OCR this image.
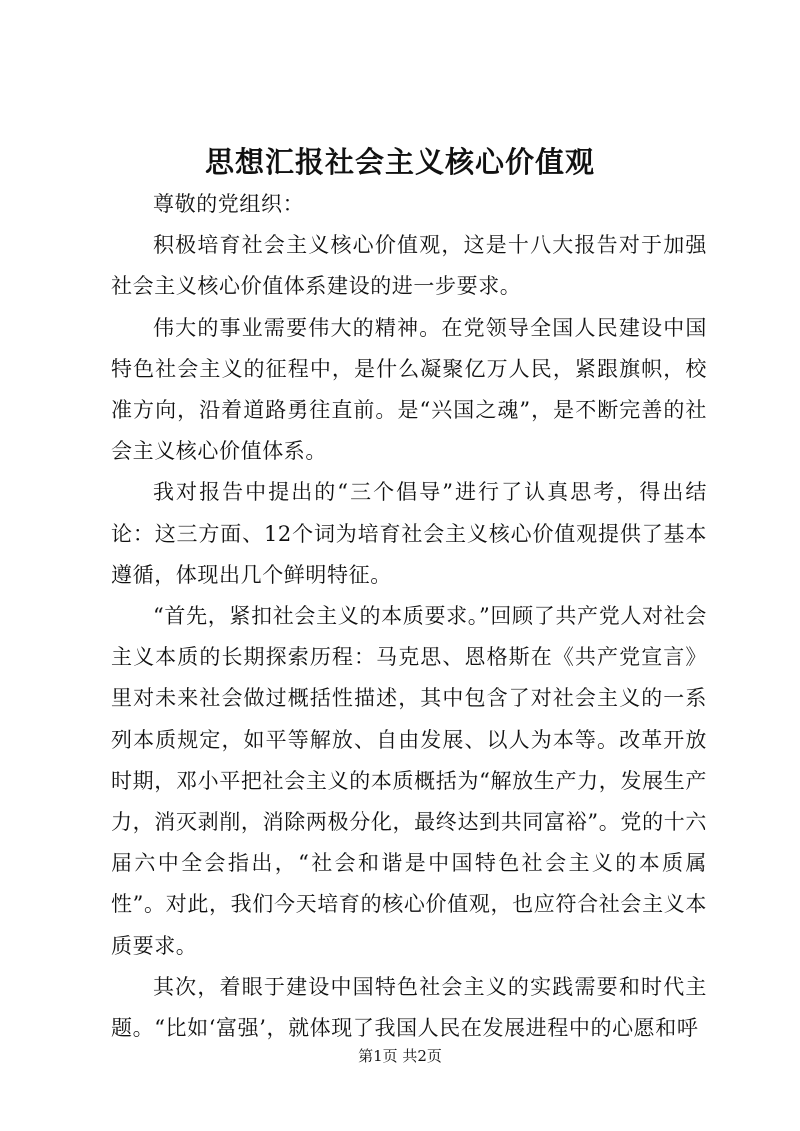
思想汇报社会主义核心价值观

尊敬的党组织：

积极培育社会主义核心价值观，这是十八大报告对于加强社会主义核心价值体系建设的进一步要求。

伟大的事业需要伟大的精神。在党领导全国人民建设中国特色社会主义的征程中，是什么凝聚亿万人民，紧跟旗帜，校准方向，沿着道路勇往直前。是“兴国之魂”，是不断完善的社会主义核心价值体系。

我对报告中提出的“三个倡导”进行了认真思考，得出结论：这三方面、12个词为培育社会主义核心价值观提供了基本遵循，体现出几个鲜明特征。

“首先，紧扣社会主义的本质要求。”回顾了共产党人对社会主义本质的长期探索历程：马克思、恩格斯在《共产党宣言》里对未来社会做过概括性描述，其中包含了对社会主义的一系列本质规定，如平等解放、自由发展、以人为本等。改革开放时期，邓小平把社会主义的本质概括为“解放生产力，发展生产力，消灭剥削，消除两极分化，最终达到共同富裕”。党的十六届六中全会指出，“社会和谐是中国特色社会主义的本质属性”。对此，我们今天培育的核心价值观，也应符合社会主义本质要求。

其次，着眼于建设中国特色社会主义的实践需要和时代主题。“比如‘富强’，就体现了我国人民在发展进程中的心愿和呼

第1页 共2页
